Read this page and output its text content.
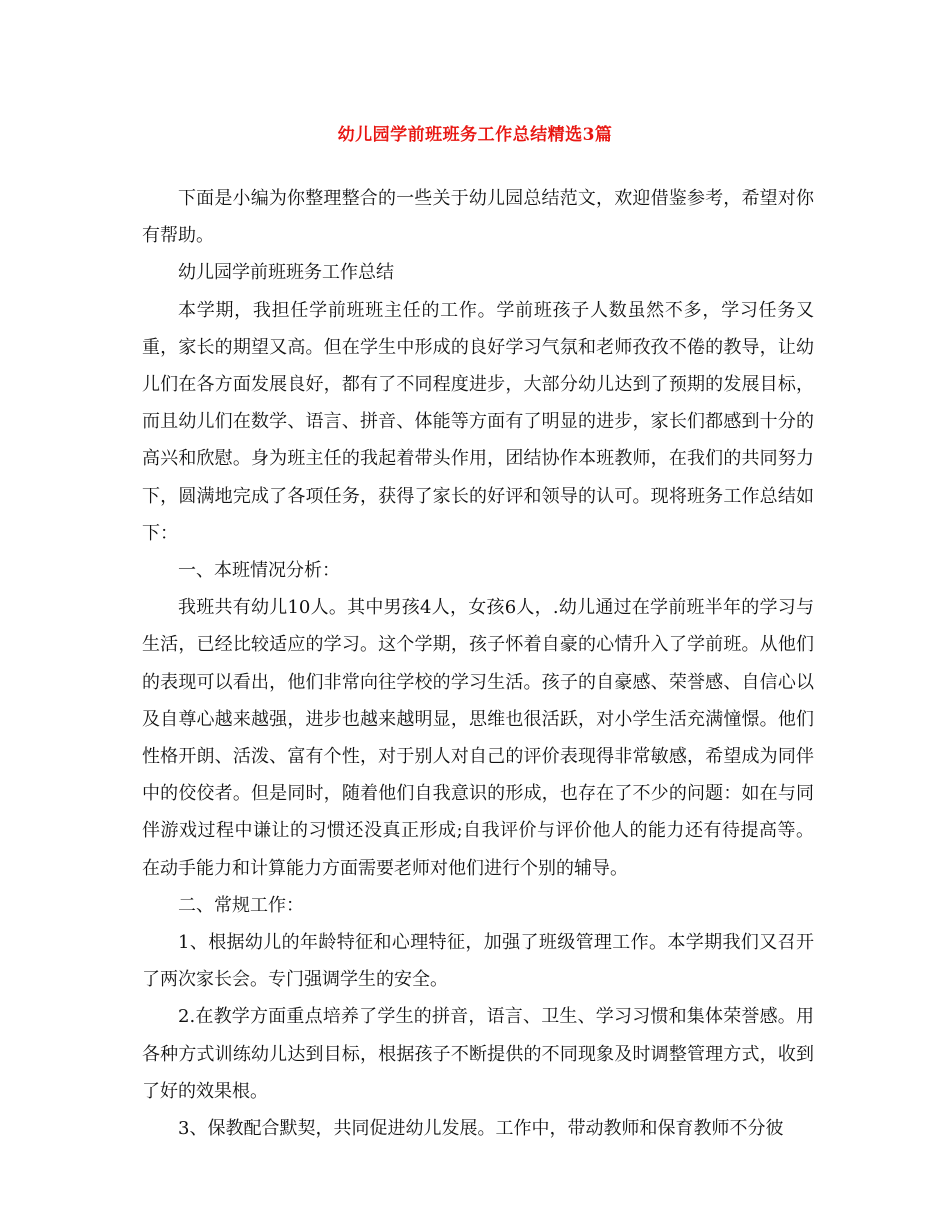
幼儿园学前班班务工作总结精选3篇

下面是小编为你整理整合的一些关于幼儿园总结范文，欢迎借鉴参考，希望对你有帮助。

幼儿园学前班班务工作总结

本学期，我担任学前班班主任的工作。学前班孩子人数虽然不多，学习任务又重，家长的期望又高。但在学生中形成的良好学习气氛和老师孜孜不倦的教导，让幼儿们在各方面发展良好，都有了不同程度进步，大部分幼儿达到了预期的发展目标，而且幼儿们在数学、语言、拼音、体能等方面有了明显的进步，家长们都感到十分的高兴和欣慰。身为班主任的我起着带头作用，团结协作本班教师，在我们的共同努力下，圆满地完成了各项任务，获得了家长的好评和领导的认可。现将班务工作总结如下：

一、本班情况分析：

我班共有幼儿10人。其中男孩4人，女孩6人，.幼儿通过在学前班半年的学习与生活，已经比较适应的学习。这个学期，孩子怀着自豪的心情升入了学前班。从他们的表现可以看出，他们非常向往学校的学习生活。孩子的自豪感、荣誉感、自信心以及自尊心越来越强，进步也越来越明显，思维也很活跃，对小学生活充满憧憬。他们性格开朗、活泼、富有个性，对于别人对自己的评价表现得非常敏感，希望成为同伴中的佼佼者。但是同时，随着他们自我意识的形成，也存在了不少的问题：如在与同伴游戏过程中谦让的习惯还没真正形成;自我评价与评价他人的能力还有待提高等。在动手能力和计算能力方面需要老师对他们进行个别的辅导。

二、常规工作：

1、根据幼儿的年龄特征和心理特征，加强了班级管理工作。本学期我们又召开了两次家长会。专门强调学生的安全。

2.在教学方面重点培养了学生的拼音，语言、卫生、学习习惯和集体荣誉感。用各种方式训练幼儿达到目标，根据孩子不断提供的不同现象及时调整管理方式，收到了好的效果根。

3、保教配合默契，共同促进幼儿发展。工作中，带动教师和保育教师不分彼
